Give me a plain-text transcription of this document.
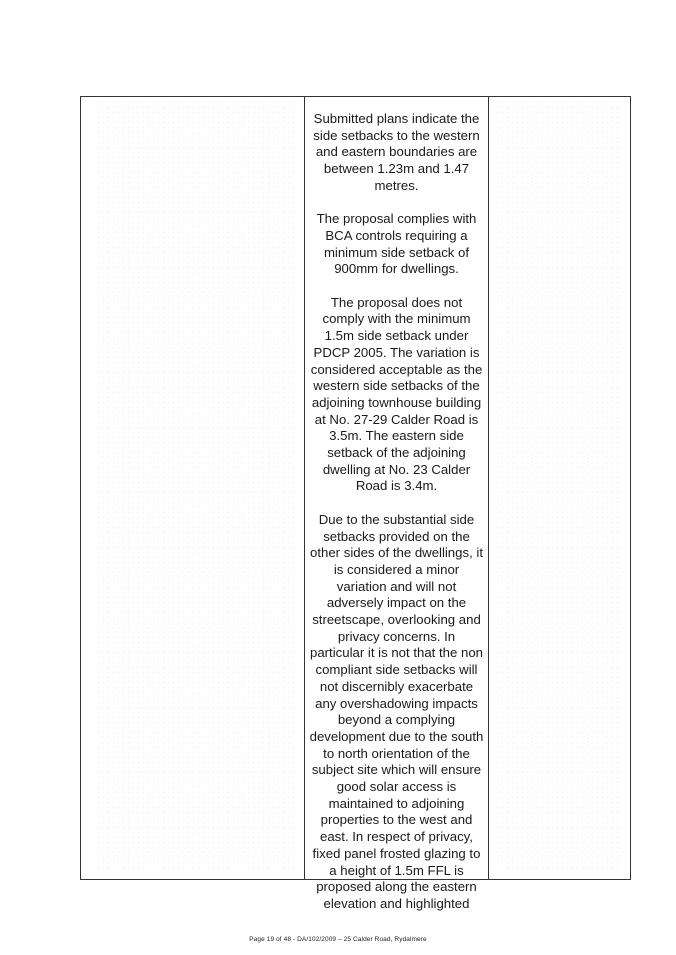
Submitted plans indicate the side setbacks to the western and eastern boundaries are between 1.23m and 1.47 metres.

The proposal complies with BCA controls requiring a minimum side setback of 900mm for dwellings.

The proposal does not comply with the minimum 1.5m side setback under PDCP 2005. The variation is considered acceptable as the western side setbacks of the adjoining townhouse building at No. 27-29 Calder Road is 3.5m. The eastern side setback of the adjoining dwelling at No. 23 Calder Road is 3.4m.

Due to the substantial side setbacks provided on the other sides of the dwellings, it is considered a minor variation and will not adversely impact on the streetscape, overlooking and privacy concerns. In particular it is not that the non compliant side setbacks will not discernibly exacerbate any overshadowing impacts beyond a complying development due to the south to north orientation of the subject site which will ensure good solar access is maintained to adjoining properties to the west and east. In respect of privacy, fixed panel frosted glazing to a height of 1.5m FFL is proposed along the eastern elevation and highlighted

Page 19 of 48 - DA/102/2009 – 25 Calder Road, Rydalmere
